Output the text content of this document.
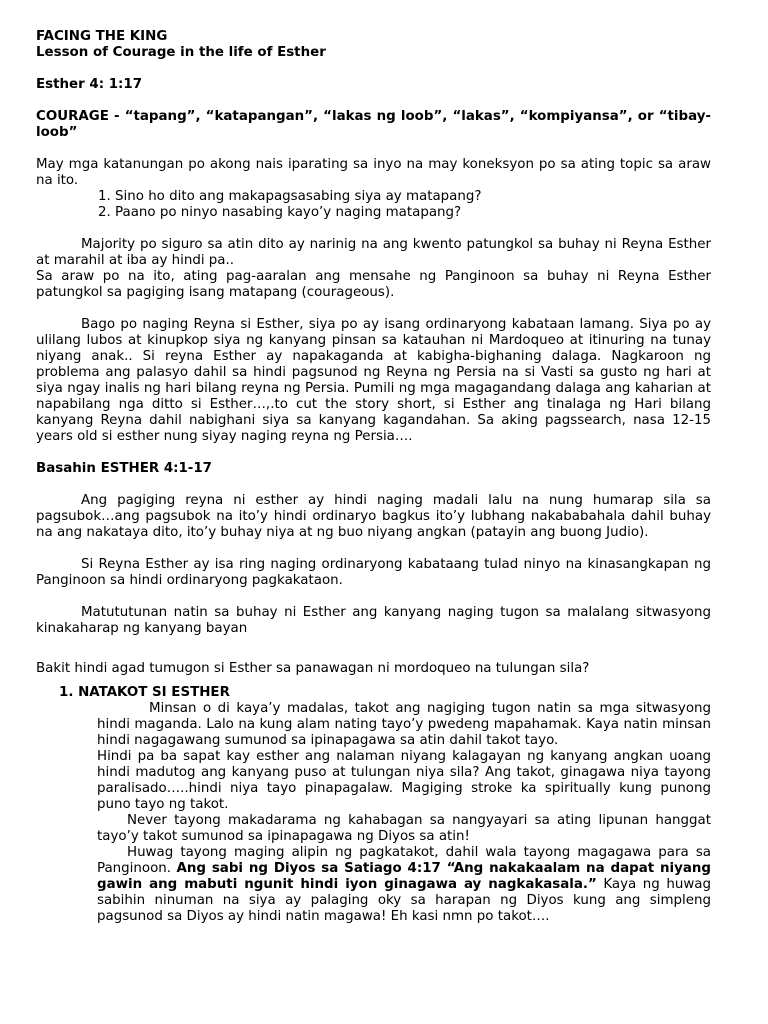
FACING THE KING

Lesson of Courage in the life of Esther

Esther 4: 1:17

COURAGE - “tapang”, “katapangan”, “lakas ng loob”, “lakas”, “kompiyansa”, or “tibay-loob”

May mga katanungan po akong nais iparating sa inyo na may koneksyon po sa ating topic sa araw na ito.

1. Sino ho dito ang makapagsasabing siya ay matapang?
2. Paano po ninyo nasabing kayo’y naging matapang?

Majority po siguro sa atin dito ay narinig na ang kwento patungkol sa buhay ni Reyna Esther at marahil at iba ay hindi pa..

Sa araw po na ito, ating pag-aaralan ang mensahe ng Panginoon sa buhay ni Reyna Esther patungkol sa pagiging isang matapang (courageous).

Bago po naging Reyna si Esther, siya po ay isang ordinaryong kabataan lamang. Siya po ay ulilang lubos at kinupkop siya ng kanyang pinsan sa katauhan ni Mardoqueo at itinuring na tunay niyang anak.. Si reyna Esther ay napakaganda at kabigha-bighaning dalaga. Nagkaroon ng problema ang palasyo dahil sa hindi pagsunod ng Reyna ng Persia na si Vasti sa gusto ng hari at siya ngay inalis ng hari bilang reyna ng Persia. Pumili ng mga magagandang dalaga ang kaharian at napabilang nga ditto si Esther…,.to cut the story short, si Esther ang tinalaga ng Hari bilang kanyang Reyna dahil nabighani siya sa kanyang kagandahan. Sa aking pagssearch, nasa 12-15 years old si esther nung siyay naging reyna ng Persia….

Basahin ESTHER 4:1-17

Ang pagiging reyna ni esther ay hindi naging madali lalu na nung humarap sila sa pagsubok…ang pagsubok na ito’y hindi ordinaryo bagkus ito’y lubhang nakababahala dahil buhay na ang nakataya dito, ito’y buhay niya at ng buo niyang angkan (patayin ang buong Judio).

Si Reyna Esther ay isa ring naging ordinaryong kabataang tulad ninyo na kinasangkapan ng Panginoon sa hindi ordinaryong pagkakataon.

Matututunan natin sa buhay ni Esther ang kanyang naging tugon sa malalang sitwasyong kinakaharap ng kanyang bayan

Bakit hindi agad tumugon si Esther sa panawagan ni mordoqueo na tulungan sila?

1. NATAKOT SI ESTHER

Minsan o di kaya’y madalas, takot ang nagiging tugon natin sa mga sitwasyong hindi maganda. Lalo na kung alam nating tayo’y pwedeng mapahamak. Kaya natin minsan hindi nagagawang sumunod sa ipinapagawa sa atin dahil takot tayo.

Hindi pa ba sapat kay esther ang nalaman niyang kalagayan ng kanyang angkan uoang hindi madutog ang kanyang puso at tulungan niya sila? Ang takot, ginagawa niya tayong paralisado…..hindi niya tayo pinapagalaw. Magiging stroke ka spiritually kung punong puno tayo ng takot.

Never tayong makadarama ng kahabagan sa nangyayari sa ating lipunan hanggat tayo’y takot sumunod sa ipinapagawa ng Diyos sa atin!

Huwag tayong maging alipin ng pagkatakot, dahil wala tayong magagawa para sa Panginoon. Ang sabi ng Diyos sa Satiago 4:17 “Ang nakakaalam na dapat niyang gawin ang mabuti ngunit hindi iyon ginagawa ay nagkakasala.” Kaya ng huwag sabihin ninuman na siya ay palaging oky sa harapan ng Diyos kung ang simpleng pagsunod sa Diyos ay hindi natin magawa! Eh kasi nmn po takot….
